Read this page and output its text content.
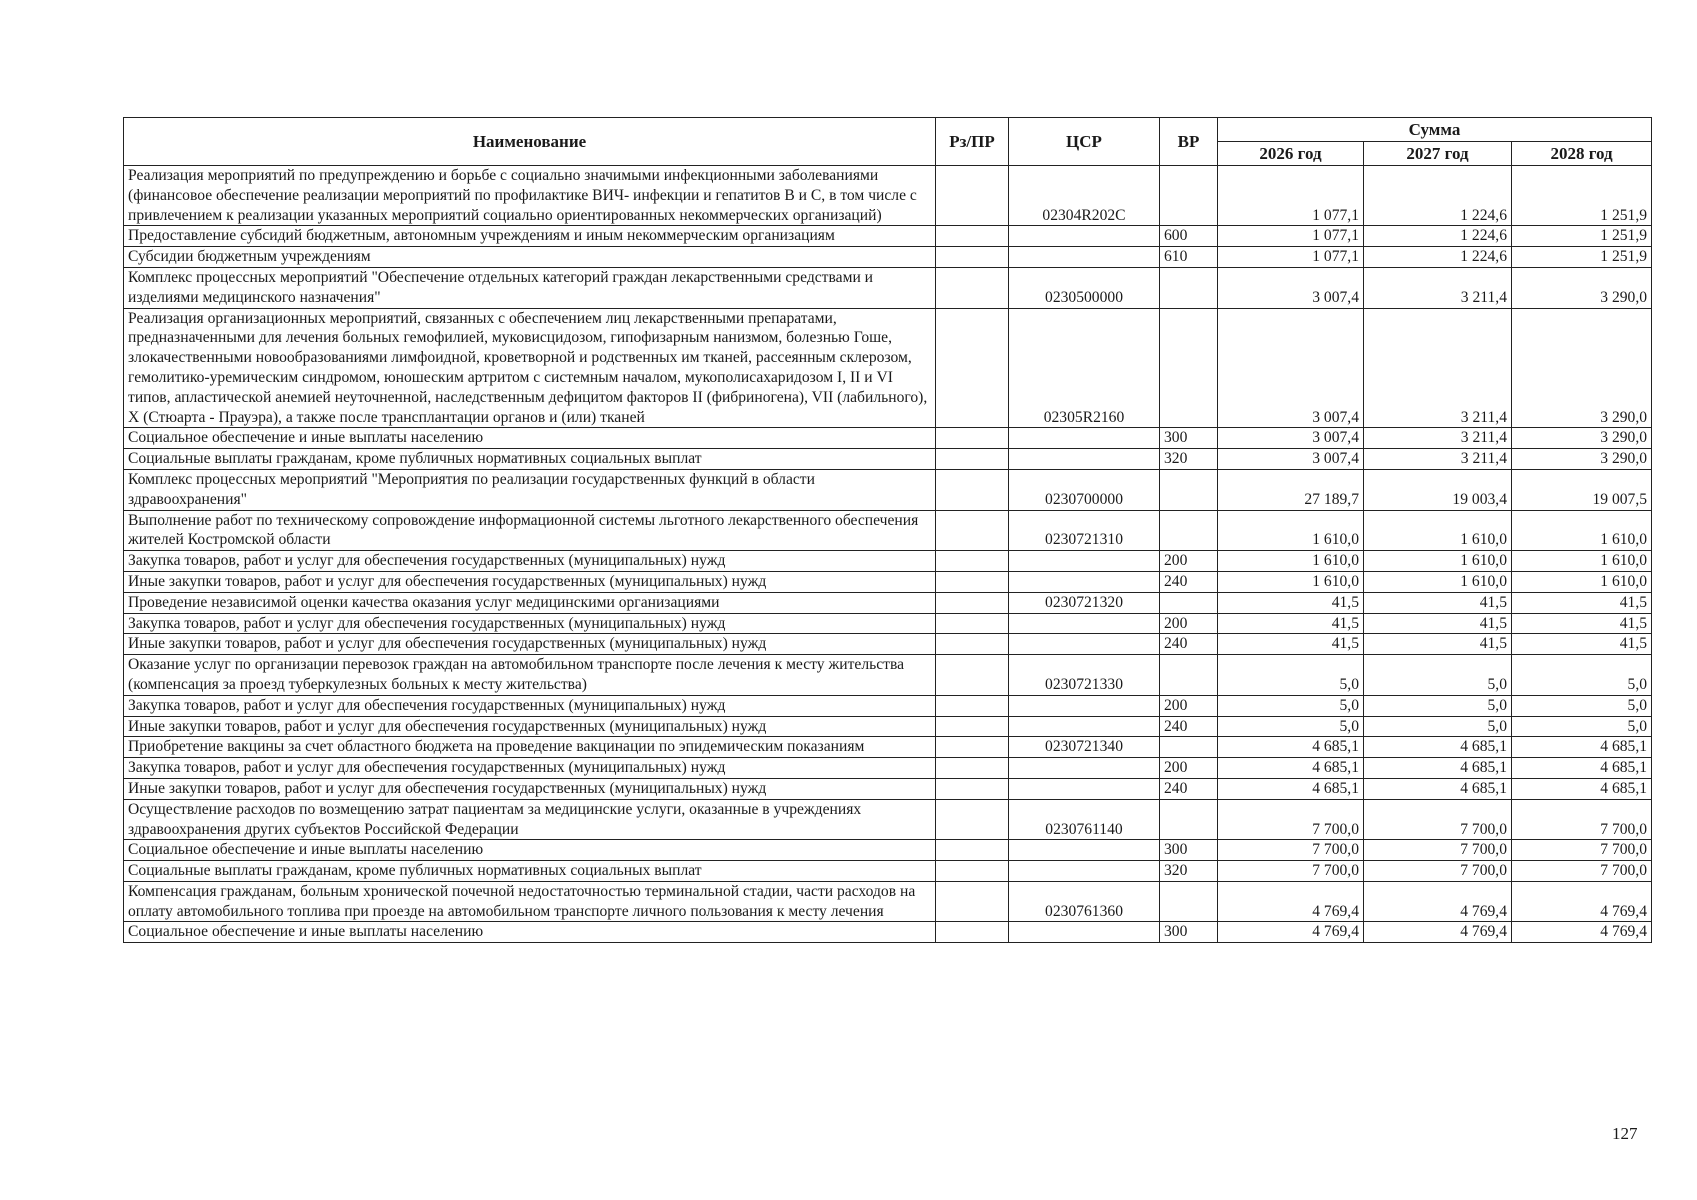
Наименование	Рз/ПР	ЦСР	ВР	Сумма		
				2026 год	2027 год	2028 год
Реализация мероприятий по предупреждению и борьбе с социально значимыми инфекционными заболеваниями (финансовое обеспечение реализации мероприятий по профилактике ВИЧ- инфекции и гепатитов В и С, в том числе с привлечением к реализации указанных мероприятий социально ориентированных некоммерческих организаций)		02304R202C		1 077,1	1 224,6	1 251,9
Предоставление субсидий бюджетным, автономным учреждениям и иным некоммерческим организациям			600	1 077,1	1 224,6	1 251,9
Субсидии бюджетным учреждениям			610	1 077,1	1 224,6	1 251,9
Комплекс процессных мероприятий "Обеспечение отдельных категорий граждан лекарственными средствами и изделиями медицинского назначения"		0230500000		3 007,4	3 211,4	3 290,0
Реализация организационных мероприятий, связанных с обеспечением лиц лекарственными препаратами, предназначенными для лечения больных гемофилией, муковисцидозом, гипофизарным нанизмом, болезнью Гоше, злокачественными новообразованиями лимфоидной, кроветворной и родственных им тканей, рассеянным склерозом, гемолитико-уремическим синдромом, юношеским артритом с системным началом, мукополисахаридозом I, II и VI типов, апластической анемией неуточненной, наследственным дефицитом факторов II (фибриногена), VII (лабильного), X (Стюарта - Прауэра), а также после трансплантации органов и (или) тканей		02305R2160		3 007,4	3 211,4	3 290,0
Социальное обеспечение и иные выплаты населению			300	3 007,4	3 211,4	3 290,0
Социальные выплаты гражданам, кроме публичных нормативных социальных выплат			320	3 007,4	3 211,4	3 290,0
Комплекс процессных мероприятий "Мероприятия по реализации государственных функций в области здравоохранения"		0230700000		27 189,7	19 003,4	19 007,5
Выполнение работ по техническому сопровождение информационной системы льготного лекарственного обеспечения жителей Костромской области		0230721310		1 610,0	1 610,0	1 610,0
Закупка товаров, работ и услуг для обеспечения государственных (муниципальных) нужд			200	1 610,0	1 610,0	1 610,0
Иные закупки товаров, работ и услуг для обеспечения государственных (муниципальных) нужд			240	1 610,0	1 610,0	1 610,0
Проведение независимой оценки качества оказания услуг медицинскими организациями		0230721320		41,5	41,5	41,5
Закупка товаров, работ и услуг для обеспечения государственных (муниципальных) нужд			200	41,5	41,5	41,5
Иные закупки товаров, работ и услуг для обеспечения государственных (муниципальных) нужд			240	41,5	41,5	41,5
Оказание услуг по организации перевозок граждан на автомобильном транспорте после лечения к месту жительства (компенсация за проезд туберкулезных больных к месту жительства)		0230721330		5,0	5,0	5,0
Закупка товаров, работ и услуг для обеспечения государственных (муниципальных) нужд			200	5,0	5,0	5,0
Иные закупки товаров, работ и услуг для обеспечения государственных (муниципальных) нужд			240	5,0	5,0	5,0
Приобретение вакцины за счет областного бюджета на проведение вакцинации по эпидемическим показаниям		0230721340		4 685,1	4 685,1	4 685,1
Закупка товаров, работ и услуг для обеспечения государственных (муниципальных) нужд			200	4 685,1	4 685,1	4 685,1
Иные закупки товаров, работ и услуг для обеспечения государственных (муниципальных) нужд			240	4 685,1	4 685,1	4 685,1
Осуществление расходов по возмещению затрат пациентам за медицинские услуги, оказанные в учреждениях здравоохранения других субъектов Российской Федерации		0230761140		7 700,0	7 700,0	7 700,0
Социальное обеспечение и иные выплаты населению			300	7 700,0	7 700,0	7 700,0
Социальные выплаты гражданам, кроме публичных нормативных социальных выплат			320	7 700,0	7 700,0	7 700,0
Компенсация гражданам, больным хронической почечной недостаточностью терминальной стадии, части расходов на оплату автомобильного топлива при проезде на автомобильном транспорте личного пользования к месту лечения		0230761360		4 769,4	4 769,4	4 769,4
Социальное обеспечение и иные выплаты населению			300	4 769,4	4 769,4	4 769,4
127
